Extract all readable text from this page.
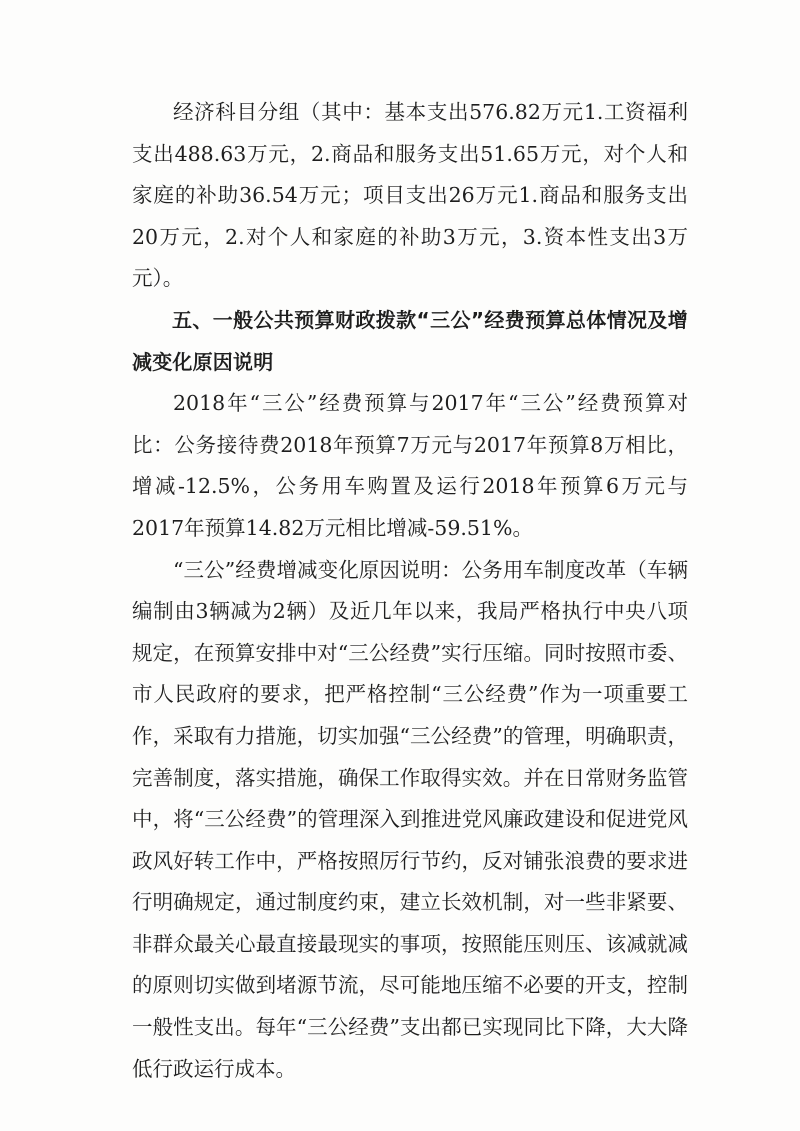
经济科目分组（其中：基本支出576.82万元1.工资福利支出488.63万元，2.商品和服务支出51.65万元，对个人和家庭的补助36.54万元；项目支出26万元1.商品和服务支出20万元，2.对个人和家庭的补助3万元，3.资本性支出3万元）。

五、一般公共预算财政拨款“三公”经费预算总体情况及增减变化原因说明

2018年“三公”经费预算与2017年“三公”经费预算对比：公务接待费2018年预算7万元与2017年预算8万相比，增减-12.5%，公务用车购置及运行2018年预算6万元与2017年预算14.82万元相比增减-59.51%。

“三公”经费增减变化原因说明：公务用车制度改革（车辆编制由3辆减为2辆）及近几年以来，我局严格执行中央八项规定，在预算安排中对“三公经费”实行压缩。同时按照市委、市人民政府的要求，把严格控制“三公经费”作为一项重要工作，采取有力措施，切实加强“三公经费”的管理，明确职责，完善制度，落实措施，确保工作取得实效。并在日常财务监管中，将“三公经费”的管理深入到推进党风廉政建设和促进党风政风好转工作中，严格按照厉行节约，反对铺张浪费的要求进行明确规定，通过制度约束，建立长效机制，对一些非紧要、非群众最关心最直接最现实的事项，按照能压则压、该减就减的原则切实做到堵源节流，尽可能地压缩不必要的开支，控制一般性支出。每年“三公经费”支出都已实现同比下降，大大降低行政运行成本。
